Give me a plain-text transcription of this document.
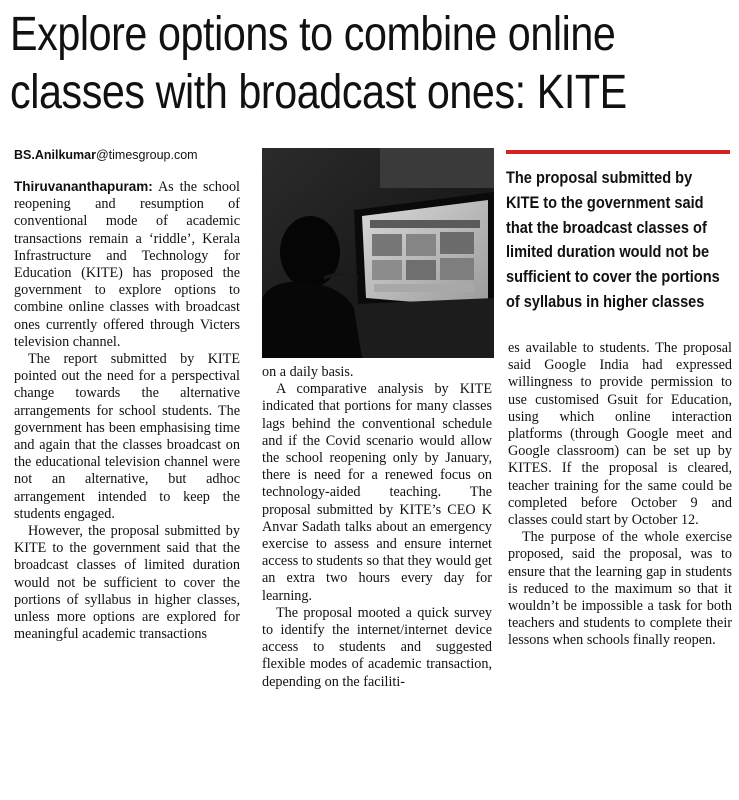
Explore options to combine online
classes with broadcast ones: KITE
BS.Anilkumar@timesgroup.com
The proposal submitted by KITE to the government said that the broadcast classes of limited duration would not be sufficient to cover the portions of syllabus in higher classes

Thiruvananthapuram: As the school reopening and resumption of conventional mode of academic transactions remain a ‘riddle’, Kerala Infrastructure and Technology for Education (KITE) has proposed the government to explore options to combine online classes with broadcast ones currently offered through Victers television channel.

The report submitted by KITE pointed out the need for a perspectival change towards the alternative arrangements for school students. The government has been emphasising time and again that the classes broadcast on the educational television channel were not an alternative, but adhoc arrangement intended to keep the students engaged.

However, the proposal submitted by KITE to the government said that the broadcast classes of limited duration would not be sufficient to cover the portions of syllabus in higher classes, unless more options are explored for meaningful academic transactions

on a daily basis.

A comparative analysis by KITE indicated that portions for many classes lags behind the conventional schedule and if the Covid scenario would allow the school reopening only by January, there is need for a renewed focus on technology-aided teaching. The proposal submitted by KITE’s CEO K Anvar Sadath talks about an emergency exercise to assess and ensure internet access to students so that they would get an extra two hours every day for learning.

The proposal mooted a quick survey to identify the internet/internet device access to students and suggested flexible modes of academic transaction, depending on the faciliti-

es available to students. The proposal said Google India had expressed willingness to provide permission to use customised Gsuit for Education, using which online interaction platforms (through Google meet and Google classroom) can be set up by KITES. If the proposal is cleared, teacher training for the same could be completed before October 9 and classes could start by October 12.

The purpose of the whole exercise proposed, said the proposal, was to ensure that the learning gap in students is reduced to the maximum so that it wouldn’t be impossible a task for both teachers and students to complete their lessons when schools finally reopen.
